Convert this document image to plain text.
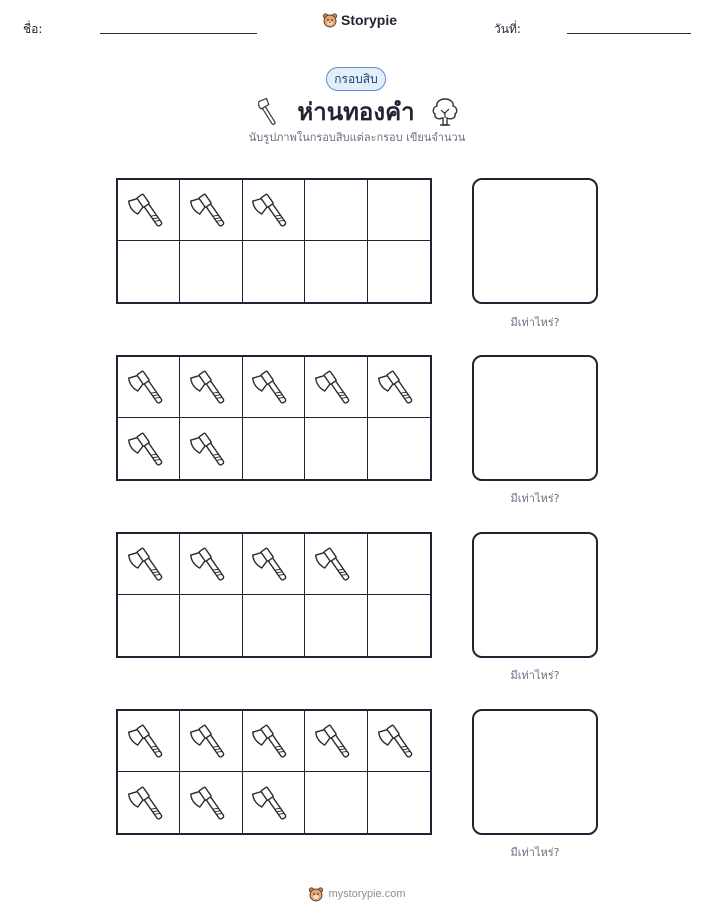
ชื่อ:
Storypie
วันที่:
กรอบสิบ
ห่านทองคำ
นับรูปภาพในกรอบสิบแต่ละกรอบ เขียนจำนวน
มีเท่าไหร่?
มีเท่าไหร่?
มีเท่าไหร่?
มีเท่าไหร่?
mystorypie.com
